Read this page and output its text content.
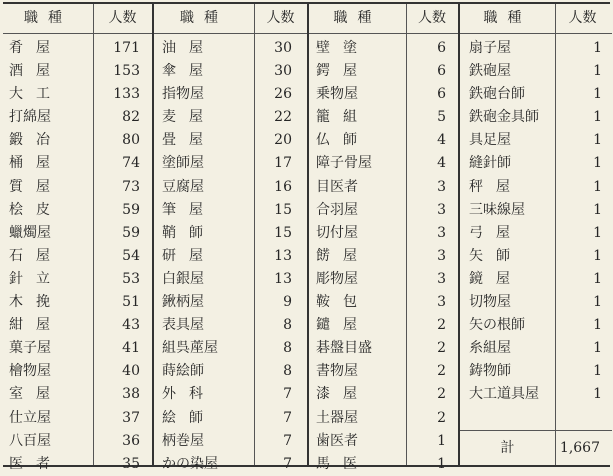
職種	人数
肴屋	171
酒屋	153
大工	133
打綿屋	82
鍛冶	80
桶屋	74
質屋	73
桧皮	59
蠟燭屋	59
石屋	54
針立	53
木挽	51
紺屋	43
菓子屋	41
檜物屋	40
室屋	38
仕立屋	37
八百屋	36
医者	35
職種	人数
油屋	30
傘屋	30
指物屋	26
麦屋	22
畳屋	20
塗師屋	17
豆腐屋	16
筆屋	15
鞘師	15
研屋	13
白銀屋	13
鍬柄屋	9
表具屋	8
組呉蓙屋	8
蒔絵師	8
外科	7
絵師	7
柄巻屋	7
かの染屋	7
職種	人数
壁塗	6
鍔屋	6
乗物屋	6
籠組	5
仏師	4
障子骨屋	4
目医者	3
合羽屋	3
切付屋	3
餝屋	3
彫物屋	3
鞍包	3
鑓屋	2
碁盤目盛	2
書物屋	2
漆屋	2
土器屋	2
歯医者	1
馬医	1
職種	人数
扇子屋	1
鉄砲屋	1
鉄砲台師	1
鉄砲金具師	1
具足屋	1
縫針師	1
秤屋	1
三味線屋	1
弓屋	1
矢師	1
鏡屋	1
切物屋	1
矢の根師	1
糸組屋	1
鋳物師	1
大工道具屋	1
計	1,667
